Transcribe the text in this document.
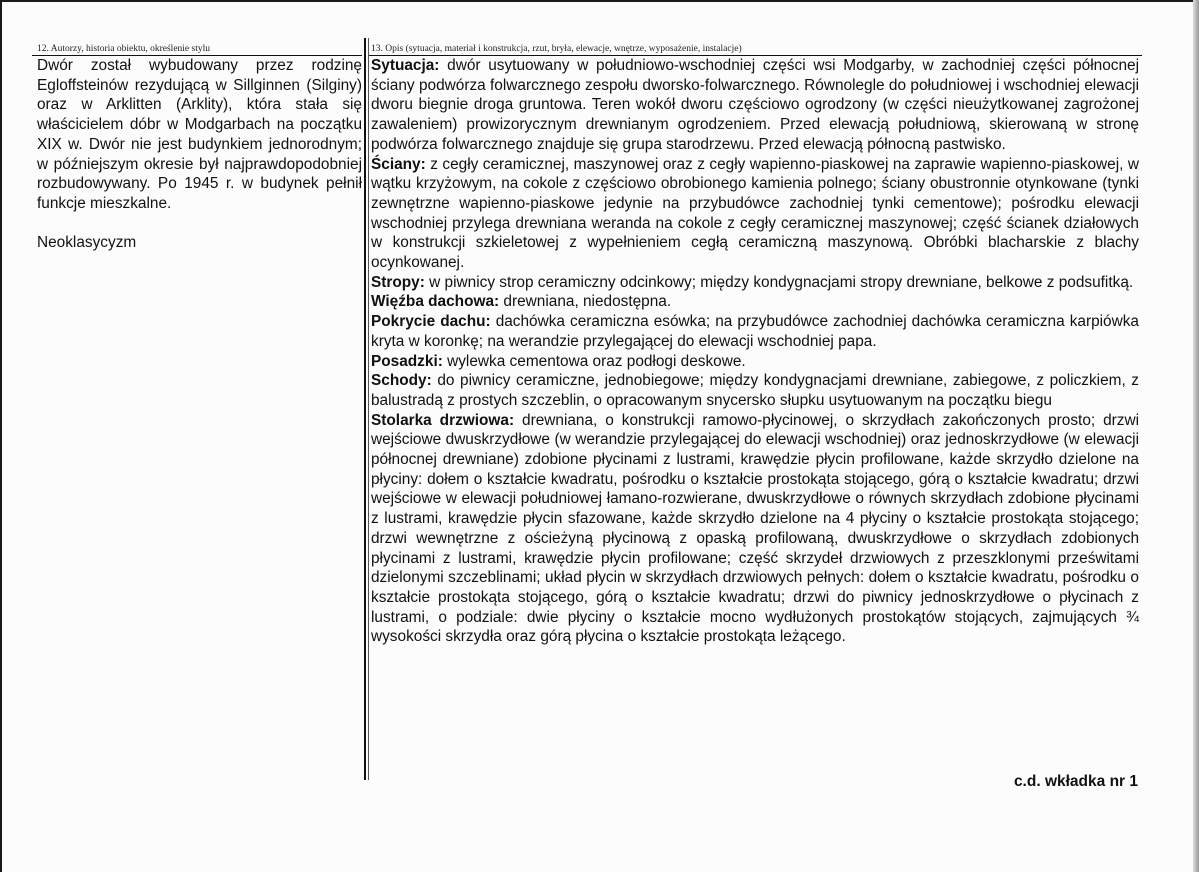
12. Autorzy, historia obiektu, określenie stylu	13. Opis (sytuacja, materiał i konstrukcja, rzut, bryła, elewacje, wnętrze, wyposażenie, instalacje)

Dwór został wybudowany przez rodzinę Egloffsteinów rezydującą w Sillginnen (Silginy) oraz w Arklitten (Arklity), która stała się właścicielem dóbr w Modgarbach na początku XIX w. Dwór nie jest budynkiem jednorodnym; w późniejszym okresie był najprawdopodobniej rozbudowywany. Po 1945 r. w budynek pełnił funkcje mieszkalne.

Neoklasycyzm

Sytuacja: dwór usytuowany w południowo-wschodniej części wsi Modgarby, w zachodniej części północnej ściany podwórza folwarcznego zespołu dworsko-folwarcznego. Równolegle do południowej i wschodniej elewacji dworu biegnie droga gruntowa. Teren wokół dworu częściowo ogrodzony (w części nieużytkowanej zagrożonej zawaleniem) prowizorycznym drewnianym ogrodzeniem. Przed elewacją południową, skierowaną w stronę podwórza folwarcznego znajduje się grupa starodrzewu. Przed elewacją północną pastwisko.

Ściany: z cegły ceramicznej, maszynowej oraz z cegły wapienno-piaskowej na zaprawie wapienno-piaskowej, w wątku krzyżowym, na cokole z częściowo obrobionego kamienia polnego; ściany obustronnie otynkowane (tynki zewnętrzne wapienno-piaskowe jedynie na przybudówce zachodniej tynki cementowe); pośrodku elewacji wschodniej przylega drewniana weranda na cokole z cegły ceramicznej maszynowej; część ścianek działowych w konstrukcji szkieletowej z wypełnieniem cegłą ceramiczną maszynową. Obróbki blacharskie z blachy ocynkowanej.

Stropy: w piwnicy strop ceramiczny odcinkowy; między kondygnacjami stropy drewniane, belkowe z podsufitką.

Więźba dachowa: drewniana, niedostępna.

Pokrycie dachu: dachówka ceramiczna esówka; na przybudówce zachodniej dachówka ceramiczna karpiówka kryta w koronkę; na werandzie przylegającej do elewacji wschodniej papa.

Posadzki: wylewka cementowa oraz podłogi deskowe.

Schody: do piwnicy ceramiczne, jednobiegowe; między kondygnacjami drewniane, zabiegowe, z policzkiem, z balustradą z prostych szczeblin, o opracowanym snycersko słupku usytuowanym na początku biegu

Stolarka drzwiowa: drewniana, o konstrukcji ramowo-płycinowej, o skrzydłach zakończonych prosto; drzwi wejściowe dwuskrzydłowe (w werandzie przylegającej do elewacji wschodniej) oraz jednoskrzydłowe (w elewacji północnej drewniane) zdobione płycinami z lustrami, krawędzie płycin profilowane, każde skrzydło dzielone na płyciny: dołem o kształcie kwadratu, pośrodku o kształcie prostokąta stojącego, górą o kształcie kwadratu; drzwi wejściowe w elewacji południowej łamano-rozwierane, dwuskrzydłowe o równych skrzydłach zdobione płycinami z lustrami, krawędzie płycin sfazowane, każde skrzydło dzielone na 4 płyciny o kształcie prostokąta stojącego; drzwi wewnętrzne z ościeżyną płycinową z opaską profilowaną, dwuskrzydłowe o skrzydłach zdobionych płycinami z lustrami, krawędzie płycin profilowane; część skrzydeł drzwiowych z przeszklonymi prześwitami dzielonymi szczeblinami; układ płycin w skrzydłach drzwiowych pełnych: dołem o kształcie kwadratu, pośrodku o kształcie prostokąta stojącego, górą o kształcie kwadratu; drzwi do piwnicy jednoskrzydłowe o płycinach z lustrami, o podziale: dwie płyciny o kształcie mocno wydłużonych prostokątów stojących, zajmujących ¾ wysokości skrzydła oraz górą płycina o kształcie prostokąta leżącego.

c.d. wkładka nr 1
